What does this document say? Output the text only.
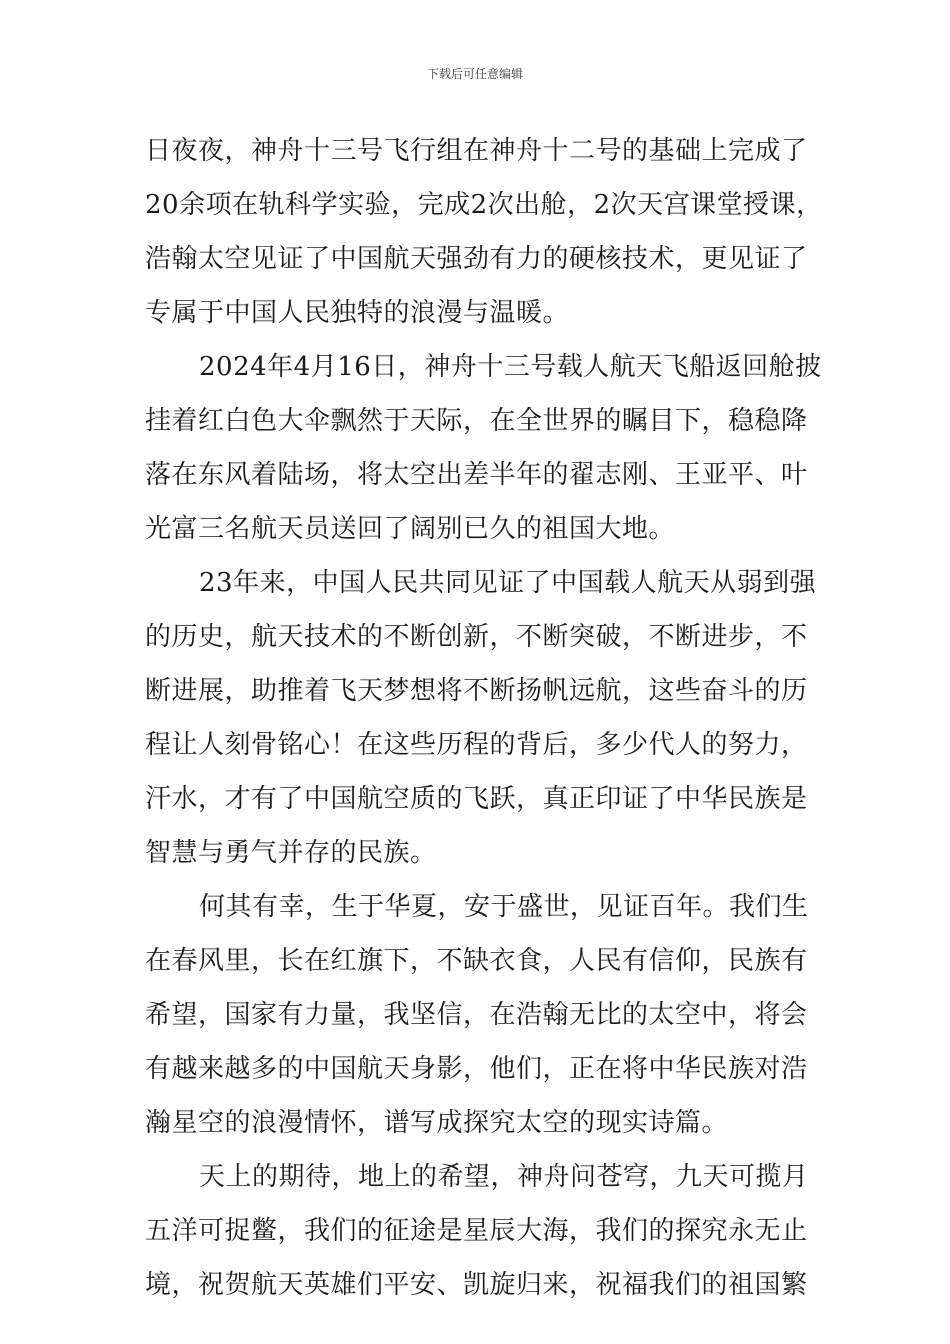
下载后可任意编辑
日夜夜，神舟十三号飞行组在神舟十二号的基础上完成了
20余项在轨科学实验，完成2次出舱，2次天宫课堂授课，
浩翰太空见证了中国航天强劲有力的硬核技术，更见证了
专属于中国人民独特的浪漫与温暖。
2024年4月16日，神舟十三号载人航天飞船返回舱披
挂着红白色大伞飘然于天际，在全世界的瞩目下，稳稳降
落在东风着陆场，将太空出差半年的翟志刚、王亚平、叶
光富三名航天员送回了阔别已久的祖国大地。
23年来，中国人民共同见证了中国载人航天从弱到强
的历史，航天技术的不断创新，不断突破，不断进步，不
断进展，助推着飞天梦想将不断扬帆远航，这些奋斗的历
程让人刻骨铭心！在这些历程的背后，多少代人的努力，
汗水，才有了中国航空质的飞跃，真正印证了中华民族是
智慧与勇气并存的民族。
何其有幸，生于华夏，安于盛世，见证百年。我们生
在春风里，长在红旗下，不缺衣食，人民有信仰，民族有
希望，国家有力量，我坚信，在浩翰无比的太空中，将会
有越来越多的中国航天身影，他们，正在将中华民族对浩
瀚星空的浪漫情怀，谱写成探究太空的现实诗篇。
天上的期待，地上的希望，神舟问苍穹，九天可揽月
五洋可捉鳖，我们的征途是星辰大海，我们的探究永无止
境，祝贺航天英雄们平安、凯旋归来，祝福我们的祖国繁
